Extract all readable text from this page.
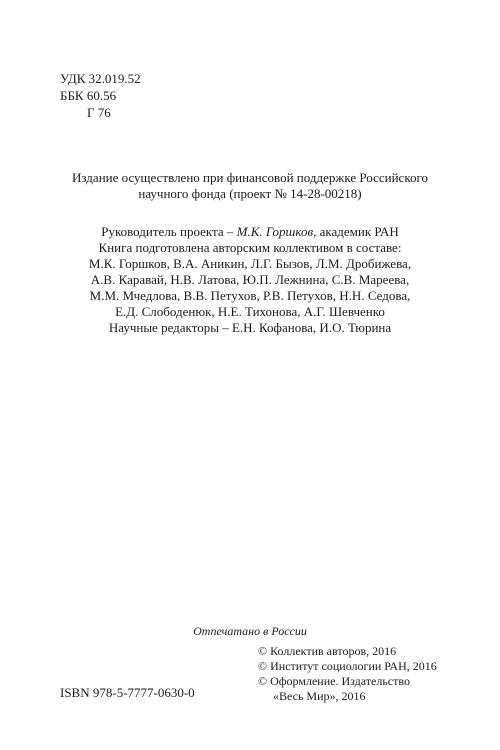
УДК 32.019.52
ББК 60.56
Г 76
Издание осуществлено при финансовой поддержке Российского
научного фонда (проект № 14-28-00218)
Руководитель проекта – М.К. Горшков, академик РАН
Книга подготовлена авторским коллективом в составе:
М.К. Горшков, В.А. Аникин, Л.Г. Бызов, Л.М. Дробижева,
А.В. Каравай, Н.В. Латова, Ю.П. Лежнина, С.В. Мареева,
М.М. Мчедлова, В.В. Петухов, Р.В. Петухов, Н.Н. Седова,
Е.Д. Слободенюк, Н.Е. Тихонова, А.Г. Шевченко
Научные редакторы – Е.Н. Кофанова, И.О. Тюрина
Отпечатано в России
© Коллектив авторов, 2016
© Институт социологии РАН, 2016
© Оформление. Издательство
«Весь Мир», 2016
ISBN 978-5-7777-0630-0
